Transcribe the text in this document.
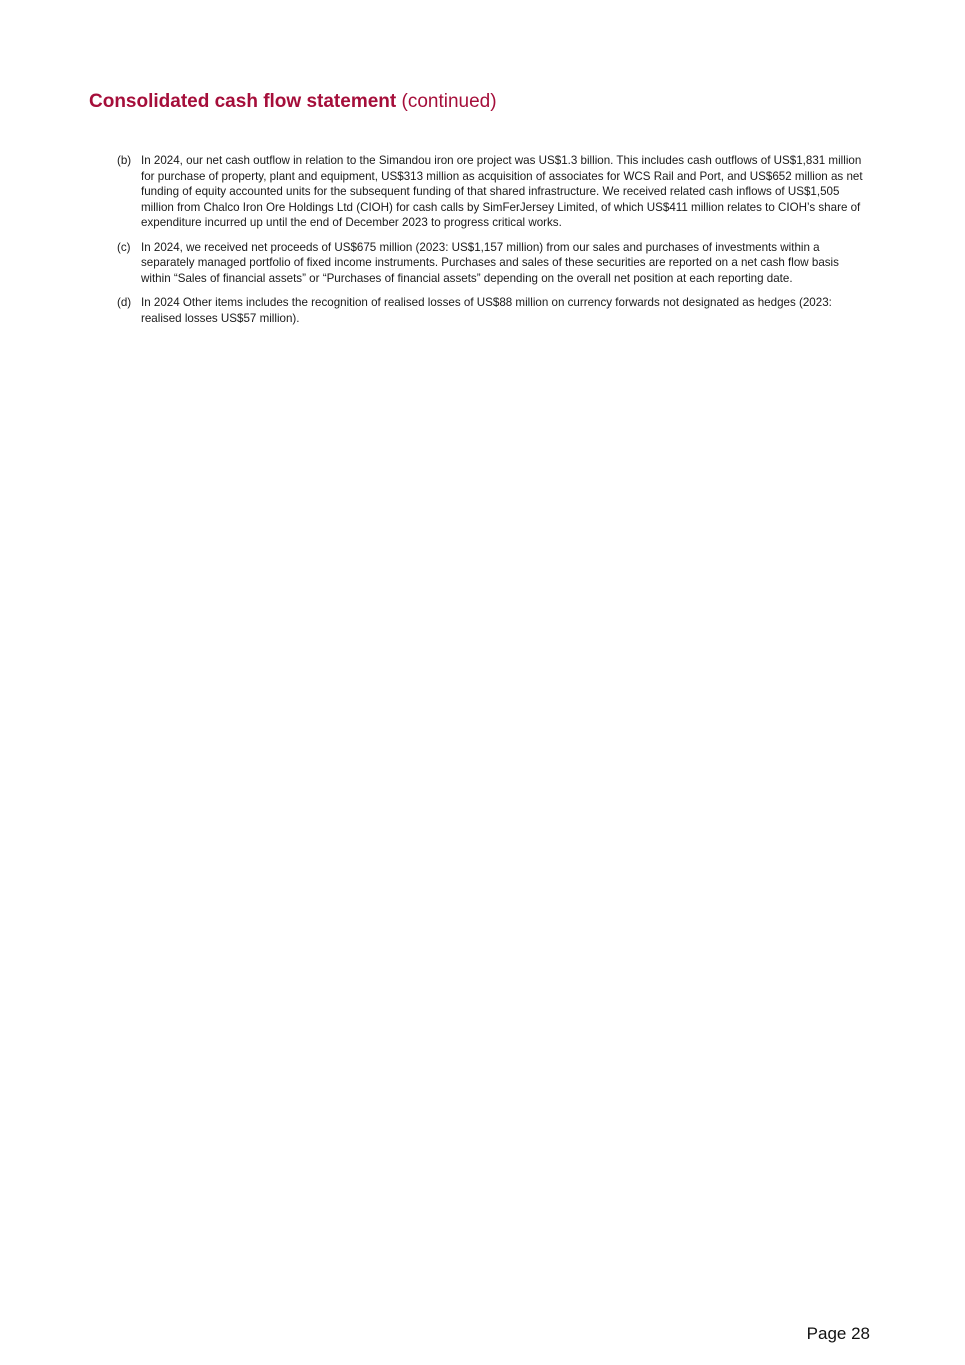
Consolidated cash flow statement (continued)
(b) In 2024, our net cash outflow in relation to the Simandou iron ore project was US$1.3 billion. This includes cash outflows of US$1,831 million for purchase of property, plant and equipment, US$313 million as acquisition of associates for WCS Rail and Port, and US$652 million as net funding of equity accounted units for the subsequent funding of that shared infrastructure. We received related cash inflows of US$1,505 million from Chalco Iron Ore Holdings Ltd (CIOH) for cash calls by SimFerJersey Limited, of which US$411 million relates to CIOH’s share of expenditure incurred up until the end of December 2023 to progress critical works.
(c) In 2024, we received net proceeds of US$675 million (2023: US$1,157 million) from our sales and purchases of investments within a separately managed portfolio of fixed income instruments. Purchases and sales of these securities are reported on a net cash flow basis within “Sales of financial assets” or “Purchases of financial assets” depending on the overall net position at each reporting date.
(d) In 2024 Other items includes the recognition of realised losses of US$88 million on currency forwards not designated as hedges (2023: realised losses US$57 million).
Page 28
